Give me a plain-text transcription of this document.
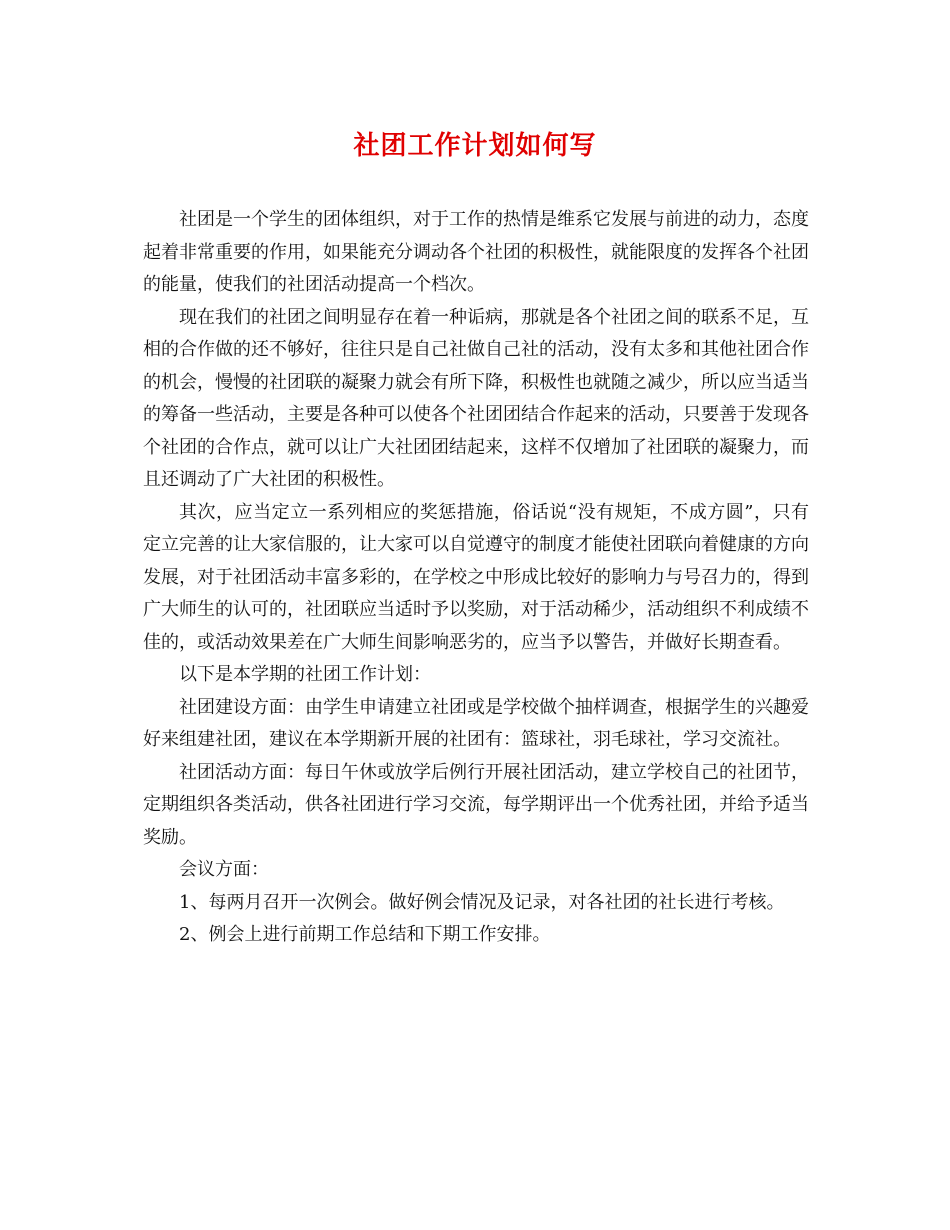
社团工作计划如何写

社团是一个学生的团体组织，对于工作的热情是维系它发展与前进的动力，态度起着非常重要的作用，如果能充分调动各个社团的积极性，就能限度的发挥各个社团的能量，使我们的社团活动提高一个档次。

现在我们的社团之间明显存在着一种诟病，那就是各个社团之间的联系不足，互相的合作做的还不够好，往往只是自己社做自己社的活动，没有太多和其他社团合作的机会，慢慢的社团联的凝聚力就会有所下降，积极性也就随之减少，所以应当适当的筹备一些活动，主要是各种可以使各个社团团结合作起来的活动，只要善于发现各个社团的合作点，就可以让广大社团团结起来，这样不仅增加了社团联的凝聚力，而且还调动了广大社团的积极性。

其次，应当定立一系列相应的奖惩措施，俗话说“没有规矩，不成方圆”，只有定立完善的让大家信服的，让大家可以自觉遵守的制度才能使社团联向着健康的方向发展，对于社团活动丰富多彩的，在学校之中形成比较好的影响力与号召力的，得到广大师生的认可的，社团联应当适时予以奖励，对于活动稀少，活动组织不利成绩不佳的，或活动效果差在广大师生间影响恶劣的，应当予以警告，并做好长期查看。

以下是本学期的社团工作计划：

社团建设方面：由学生申请建立社团或是学校做个抽样调查，根据学生的兴趣爱好来组建社团，建议在本学期新开展的社团有：篮球社，羽毛球社，学习交流社。

社团活动方面：每日午休或放学后例行开展社团活动，建立学校自己的社团节，定期组织各类活动，供各社团进行学习交流，每学期评出一个优秀社团，并给予适当奖励。

会议方面：

1、每两月召开一次例会。做好例会情况及记录，对各社团的社长进行考核。

2、例会上进行前期工作总结和下期工作安排。
